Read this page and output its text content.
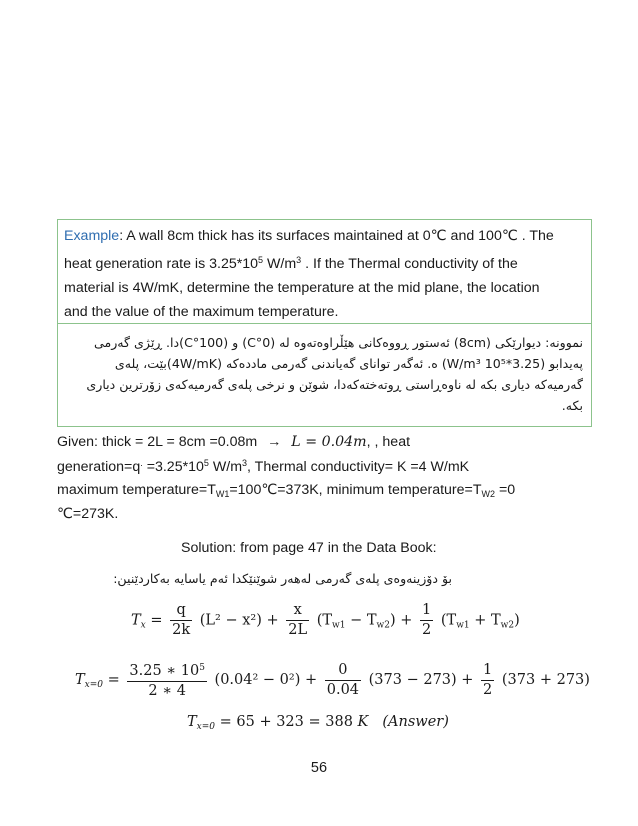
Example: A wall 8cm thick has its surfaces maintained at 0℃ and 100℃ . The
heat generation rate is $3.25*10^5$ $W/m^3$ . If the Thermal conductivity of the
material is 4W/mK, determine the temperature at the mid plane, the location
and the value of the maximum temperature.
نموونە: دیوارێکی (8cm) ئەستور ڕووەکانی هێڵراوەتەوە لە (0°C) و (100°C)دا. ڕێژی گەرمی
پەیدابو (3.25*10⁵ W/m³) ە. ئەگەر توانای گەیاندنی گەرمی ماددەکە (4W/mK)بێت، پلەی
گەرمیەکە دیاری بکە لە ناوەڕاستی ڕوتەختەکەدا، شوێن و نرخی پلەی گەرمیەکەی زۆرترین دیاری
بکە.
Given: thick = 2L = 8cm =0.08m → L = 0.04m, , heat
generation=q. $=3.25*10^5$ $W/m^3$, Thermal conductivity= K =4 W/mK
maximum $temperature=T_{W1}=100℃=373K$, minimum $temperature=T_{W2} =0$
℃=273K.
Solution: from page 47 in the Data Book:
بۆ دۆزینەوەی پلەی گەرمی لەهەر شوێنێکدا ئەم یاسایە بەکاردێنین:
$T_x = \frac{q}{2k} (L^2 - x^2) + \frac{x}{2L} (T_{w1} - T_{w2}) + \frac{1}{2} (T_{w1} + T_{w2})$
$T_{x=0} = \frac{3.25 ∗ 10^5}{2 ∗ 4} (0.04^2 - 0^2) + \frac{0}{0.04} (373 - 273) + \frac{1}{2} (373 + 273)$
$T_{x=0} = 65 + 323 = 388$ K (Answer)
56
